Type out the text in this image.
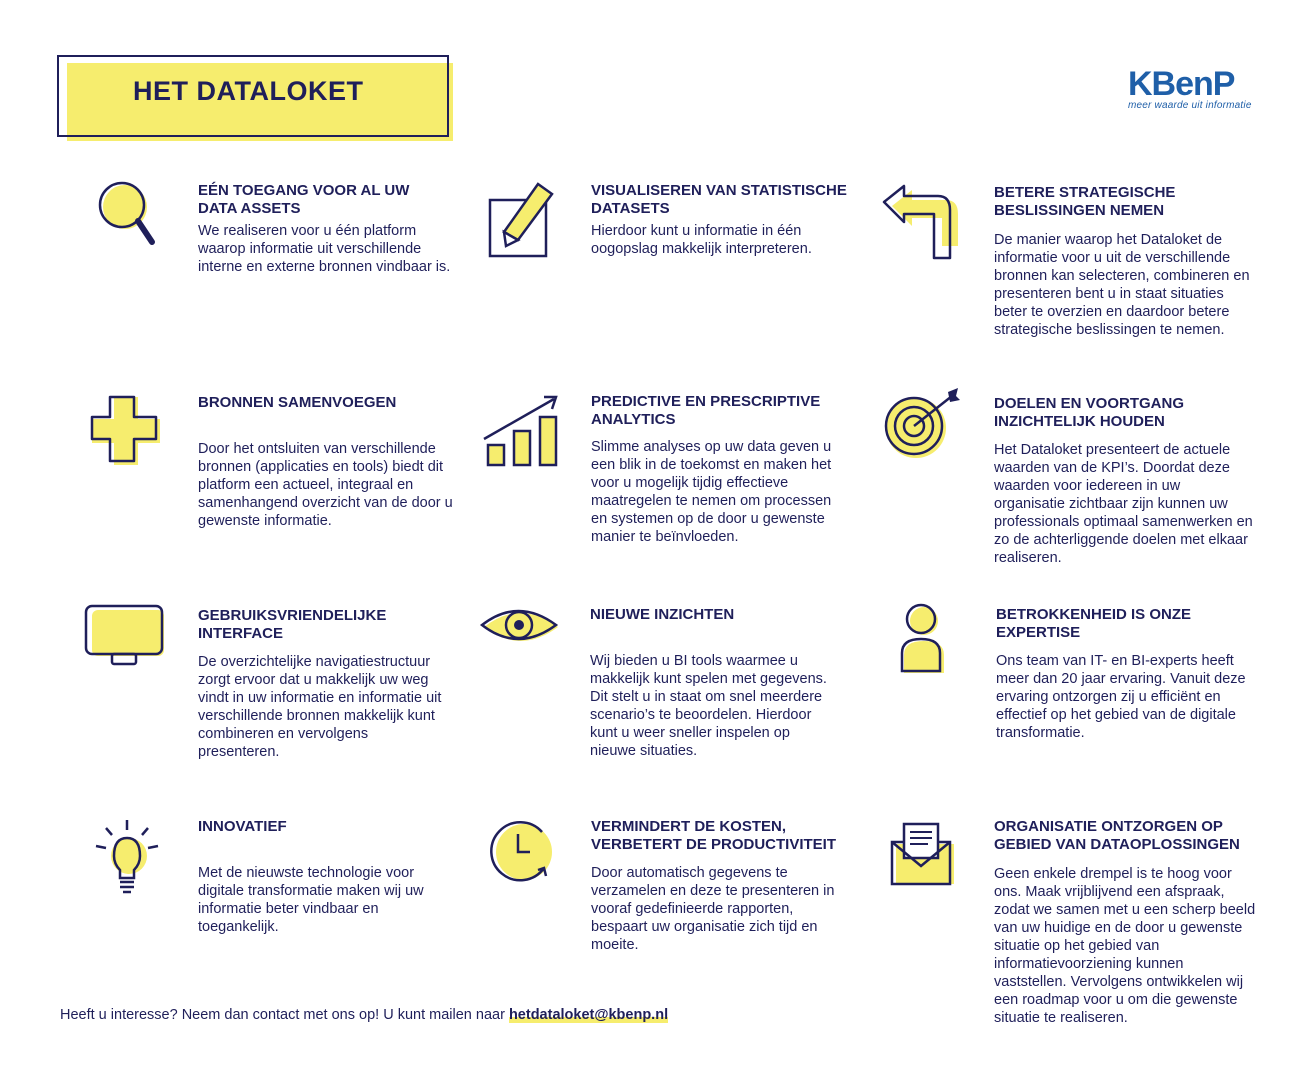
HET DATALOKET	KBenP
meer waarde uit informatie
EÉN TOEGANG VOOR AL UW DATA ASSETS
We realiseren voor u één platform waarop informatie uit verschillende interne en externe bronnen vindbaar is.
VISUALISEREN VAN STATISTISCHE DATASETS
Hierdoor kunt u informatie in één oogopslag makkelijk interpreteren.
BETERE STRATEGISCHE BESLISSINGEN NEMEN
De manier waarop het Dataloket de informatie voor u uit de verschillende bronnen kan selecteren, combineren en presenteren bent u in staat situaties beter te overzien en daardoor betere strategische beslissingen te nemen.
BRONNEN SAMENVOEGEN
Door het ontsluiten van verschillende bronnen (applicaties en tools) biedt dit platform een actueel, integraal en samenhangend overzicht van de door u gewenste informatie.
PREDICTIVE EN PRESCRIPTIVE ANALYTICS
Slimme analyses op uw data geven u een blik in de toekomst en maken het voor u mogelijk tijdig effectieve maatregelen te nemen om processen en systemen op de door u gewenste manier te beïnvloeden.
DOELEN EN VOORTGANG INZICHTELIJK HOUDEN
Het Dataloket presenteert de actuele waarden van de KPI’s. Doordat deze waarden voor iedereen in uw organisatie zichtbaar zijn kunnen uw professionals optimaal samenwerken en zo de achterliggende doelen met elkaar realiseren.
GEBRUIKSVRIENDELIJKE INTERFACE
De overzichtelijke navigatiestructuur zorgt ervoor dat u makkelijk uw weg vindt in uw informatie en informatie uit verschillende bronnen makkelijk kunt combineren en vervolgens presenteren.
NIEUWE INZICHTEN
Wij bieden u BI tools waarmee u makkelijk kunt spelen met gegevens. Dit stelt u in staat om snel meerdere scenario’s te beoordelen. Hierdoor kunt u weer sneller inspelen op nieuwe situaties.
BETROKKENHEID IS ONZE EXPERTISE
Ons team van IT- en BI-experts heeft meer dan 20 jaar ervaring. Vanuit deze ervaring ontzorgen zij u efficiënt en effectief op het gebied van de digitale transformatie.
INNOVATIEF
Met de nieuwste technologie voor digitale transformatie maken wij uw informatie beter vindbaar en toegankelijk.
VERMINDERT DE KOSTEN, VERBETERT DE PRODUCTIVITEIT
Door automatisch gegevens te verzamelen en deze te presenteren in vooraf gedefinieerde rapporten, bespaart uw organisatie zich tijd en moeite.
ORGANISATIE ONTZORGEN OP GEBIED VAN DATAOPLOSSINGEN
Geen enkele drempel is te hoog voor ons. Maak vrijblijvend een afspraak, zodat we samen met u een scherp beeld van uw huidige en de door u gewenste situatie op het gebied van informatievoorziening kunnen vaststellen. Vervolgens ontwikkelen wij een roadmap voor u om die gewenste situatie te realiseren.
Heeft u interesse? Neem dan contact met ons op! U kunt mailen naar hetdataloket@kbenp.nl
